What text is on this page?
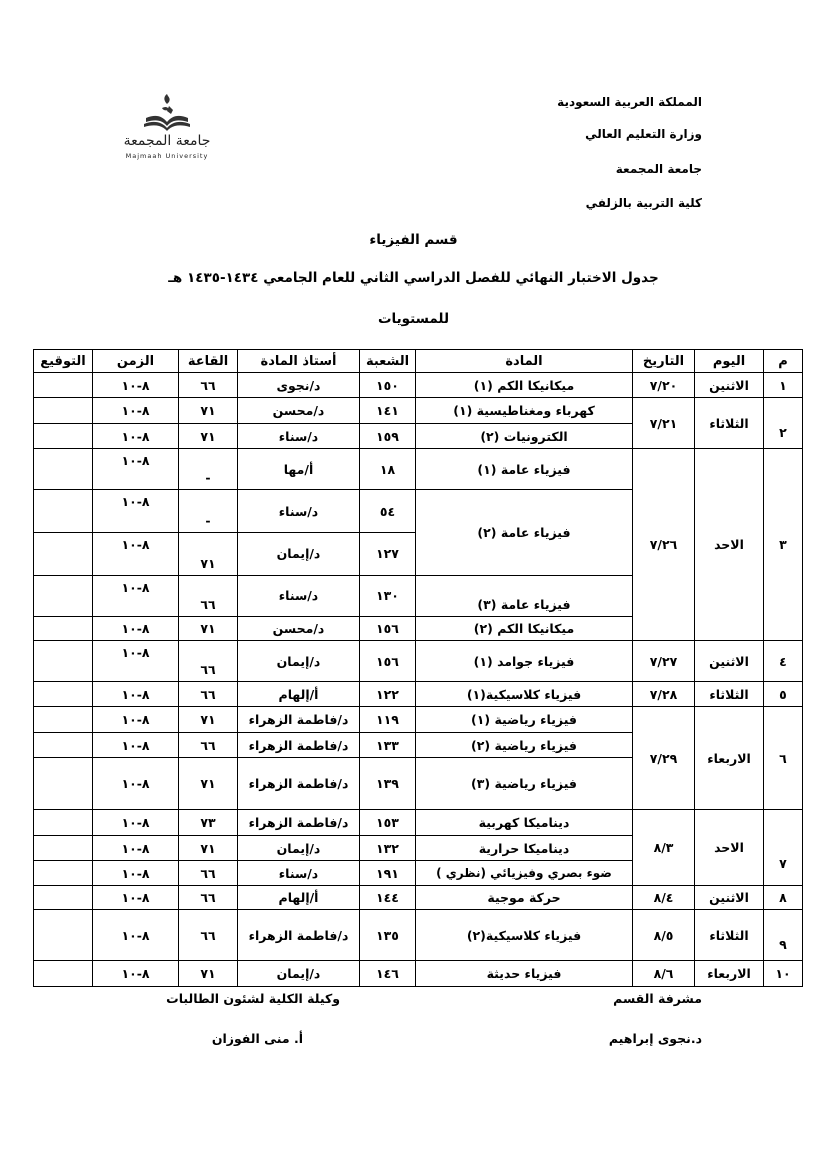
المملكة العربية السعودية
وزارة التعليم العالي
جامعة المجمعة
كلية التربية بالزلفي
جامعة المجمعة
Majmaah University
قسم الفيزياء
جدول الاختبار النهائي للفصل الدراسي الثاني للعام الجامعي ١٤٣٤-١٤٣٥ هـ
للمستويات
م	اليوم	التاريخ	المادة	الشعبة	أستاذ المادة	القاعة	الزمن	التوقيع
١	الاثنين	٧/٢٠	ميكانيكا الكم (١)	١٥٠	د/نجوى	٦٦	٨-١٠	
٢	الثلاثاء	٧/٢١	كهرباء ومغناطيسية (١)	١٤١	د/محسن	٧١	٨-١٠	
			الكترونيات (٢)	١٥٩	د/سناء	٧١	٨-١٠	
٣	الاحد	٧/٢٦	فيزياء عامة (١)	١٨	أ/مها	-	٨-١٠	
			فيزياء عامة (٢)	٥٤	د/سناء	-	٨-١٠	
				١٢٧	د/إيمان	٧١	٨-١٠	
			فيزياء عامة (٣)	١٣٠	د/سناء	٦٦	٨-١٠	
			ميكانيكا الكم (٢)	١٥٦	د/محسن	٧١	٨-١٠	
٤	الاثنين	٧/٢٧	فيزياء جوامد (١)	١٥٦	د/إيمان	٦٦	٨-١٠	
٥	الثلاثاء	٧/٢٨	فيزياء كلاسيكية(١)	١٢٢	أ/إلهام	٦٦	٨-١٠	
٦	الاربعاء	٧/٢٩	فيزياء رياضية (١)	١١٩	د/فاطمة الزهراء	٧١	٨-١٠	
			فيزياء رياضية (٢)	١٣٣	د/فاطمة الزهراء	٦٦	٨-١٠	
			فيزياء رياضية (٣)	١٣٩	د/فاطمة الزهراء	٧١	٨-١٠	
٧	الاحد	٨/٣	ديناميكا كهربية	١٥٣	د/فاطمة الزهراء	٧٣	٨-١٠	
			ديناميكا حرارية	١٣٢	د/إيمان	٧١	٨-١٠	
			ضوء بصري وفيزيائي (نظري )	١٩١	د/سناء	٦٦	٨-١٠	
٨	الاثنين	٨/٤	حركة موجية	١٤٤	أ/إلهام	٦٦	٨-١٠	
٩	الثلاثاء	٨/٥	فيزياء كلاسيكية(٢)	١٣٥	د/فاطمة الزهراء	٦٦	٨-١٠	
١٠	الاربعاء	٨/٦	فيزياء حديثة	١٤٦	د/إيمان	٧١	٨-١٠	
مشرفة القسم
د.نجوى إبراهيم
وكيلة الكلية لشئون الطالبات
أ. منى الفوزان
